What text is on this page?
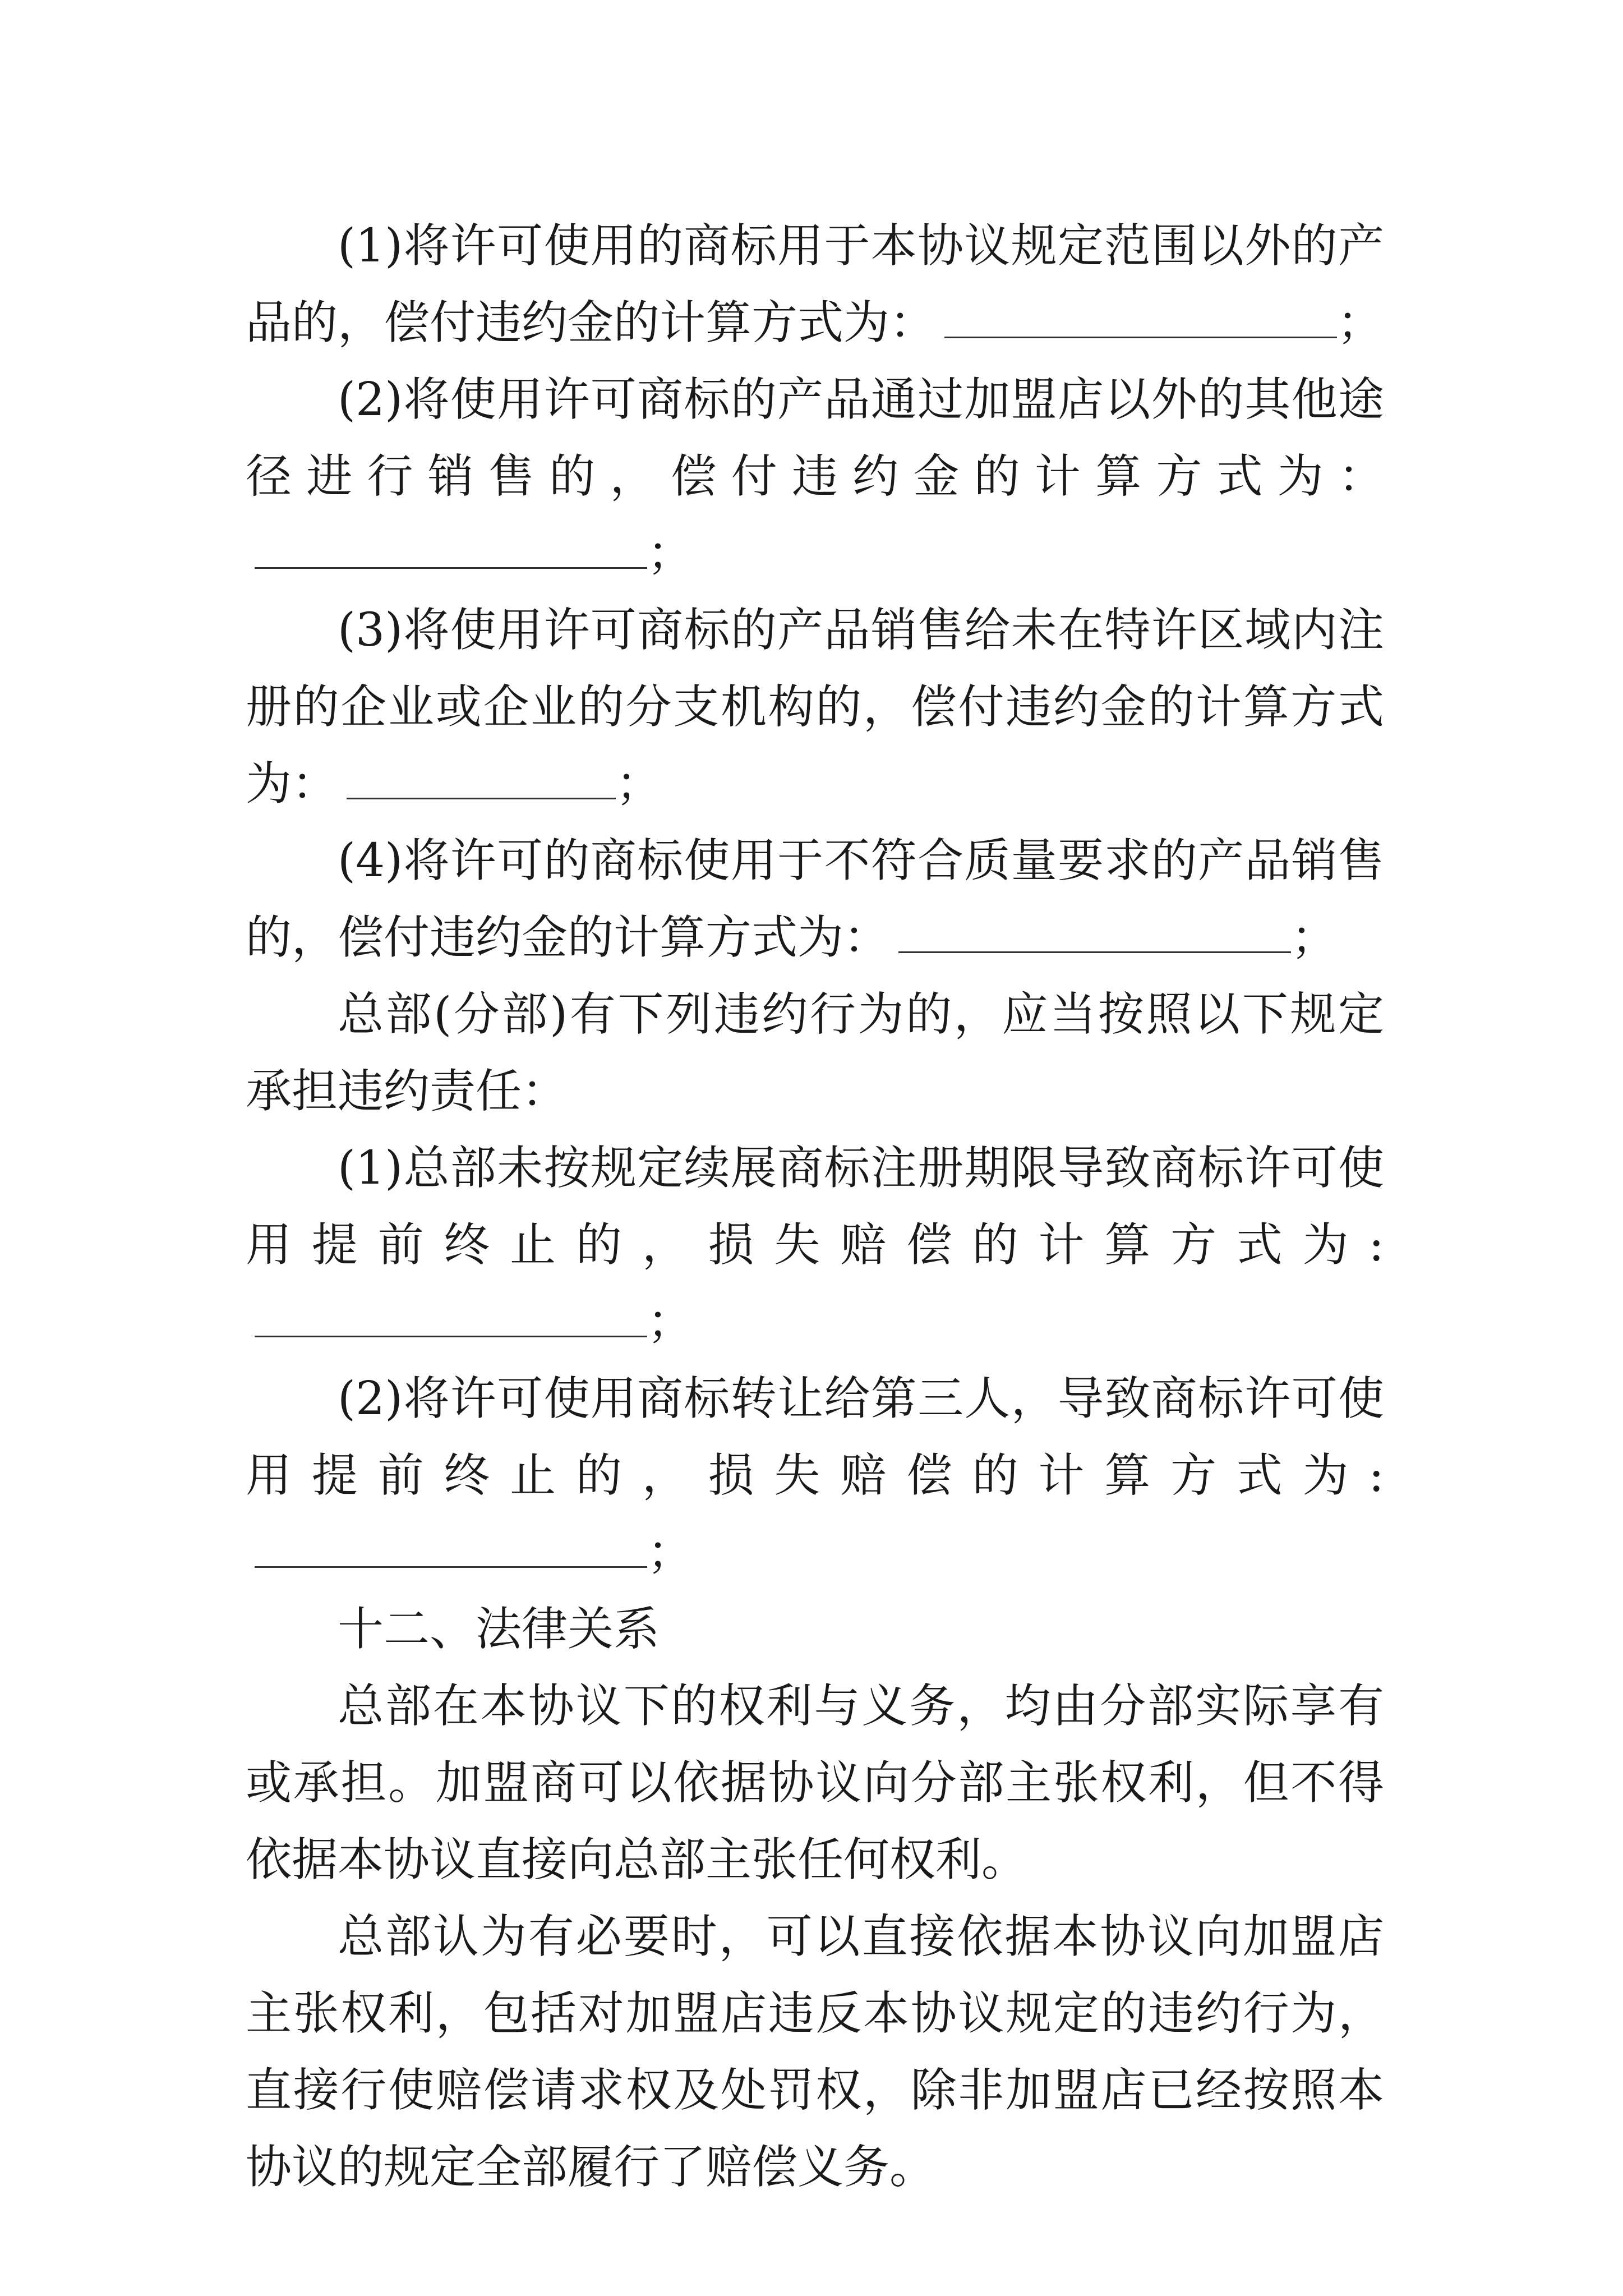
(1)将许可使用的商标用于本协议规定范围以外的产品的，偿付违约金的计算方式为：	；

(2)将使用许可商标的产品通过加盟店以外的其他途径进行销售的，偿付违约金的计算方式为：；

(3)将使用许可商标的产品销售给未在特许区域内注册的企业或企业的分支机构的，偿付违约金的计算方式为：	；

(4)将许可的商标使用于不符合质量要求的产品销售的，偿付违约金的计算方式为：	；

总部(分部)有下列违约行为的，应当按照以下规定承担违约责任：

(1)总部未按规定续展商标注册期限导致商标许可使用提前终止的，损失赔偿的计算方式为:；

(2)将许可使用商标转让给第三人，导致商标许可使用提前终止的，损失赔偿的计算方式为:；

十二、法律关系

总部在本协议下的权利与义务，均由分部实际享有或承担。加盟商可以依据协议向分部主张权利，但不得依据本协议直接向总部主张任何权利。

总部认为有必要时，可以直接依据本协议向加盟店主张权利，包括对加盟店违反本协议规定的违约行为，直接行使赔偿请求权及处罚权，除非加盟店已经按照本协议的规定全部履行了赔偿义务。
